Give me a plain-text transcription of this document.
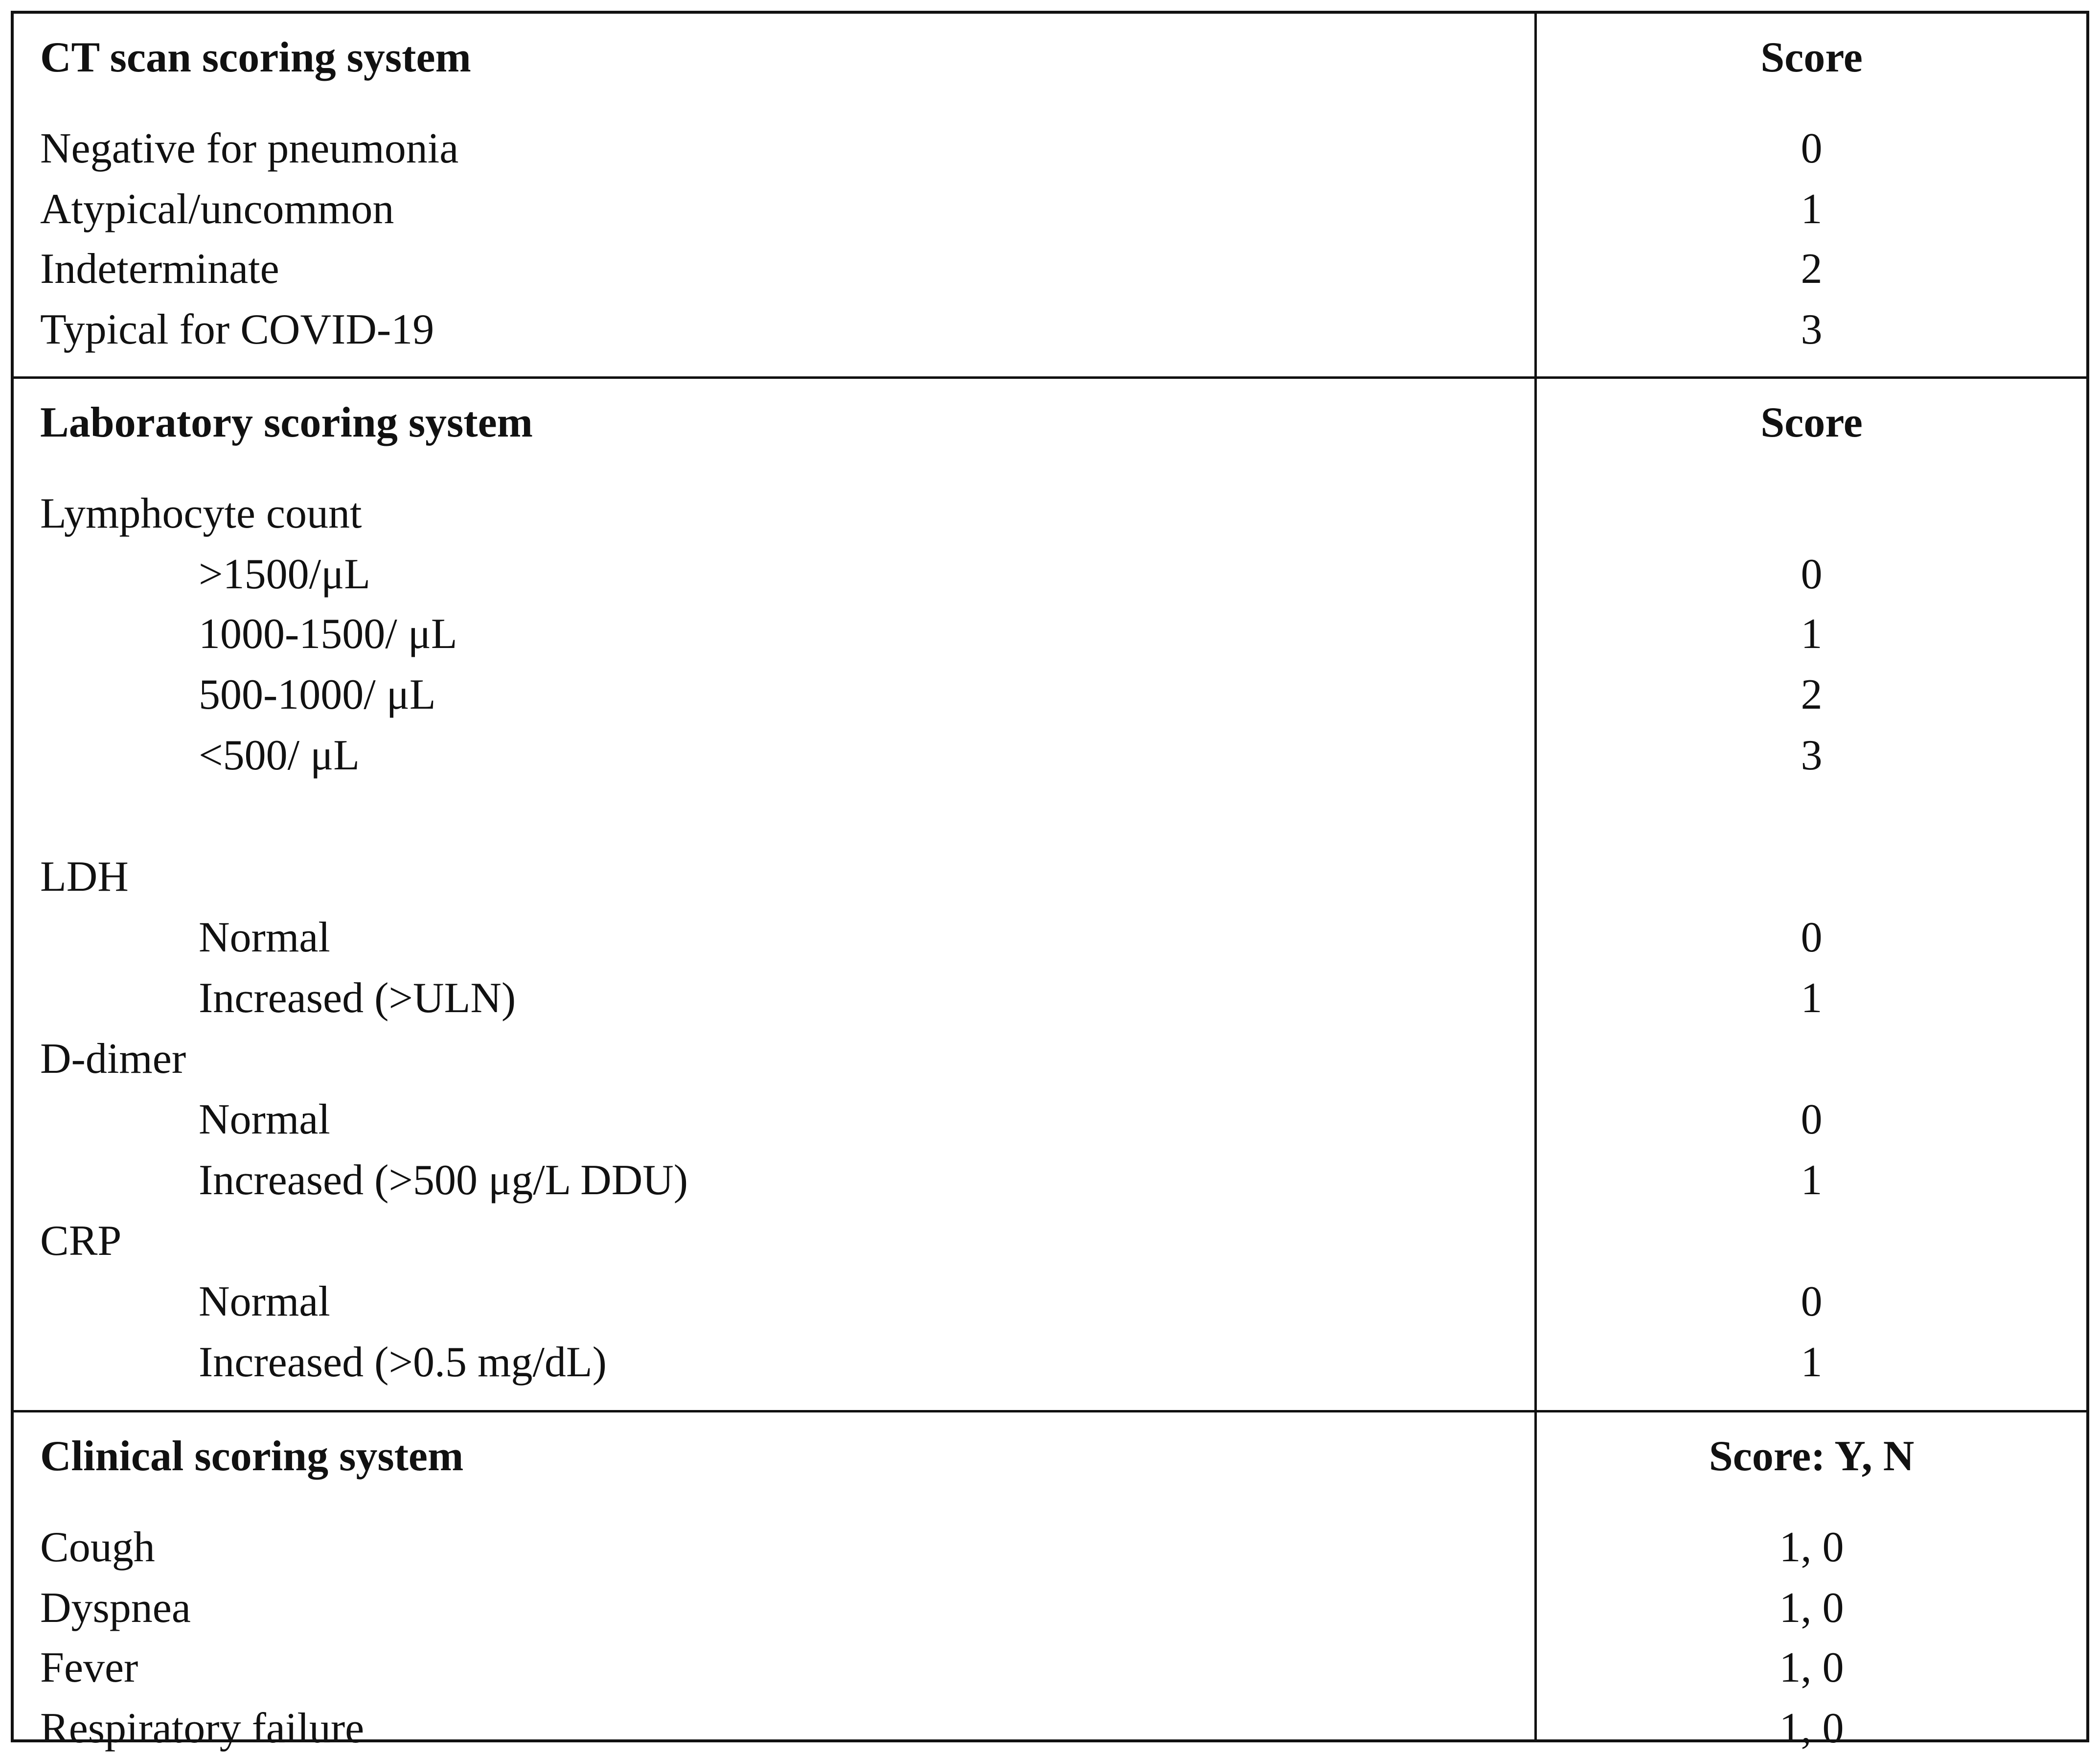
CT scan scoring system	Score
Negative for pneumonia	0
Atypical/uncommon	1
Indeterminate	2
Typical for COVID-19	3
Laboratory scoring system	Score
Lymphocyte count
>1500/μL	0
1000-1500/ μL	1
500-1000/ μL	2
<500/ μL	3
LDH
Normal	0
Increased (>ULN)	1
D-dimer
Normal	0
Increased (>500 μg/L DDU)	1
CRP
Normal	0
Increased (>0.5 mg/dL)	1
Clinical scoring system	Score: Y, N
Cough	1, 0
Dyspnea	1, 0
Fever	1, 0
Respiratory failure	1, 0
